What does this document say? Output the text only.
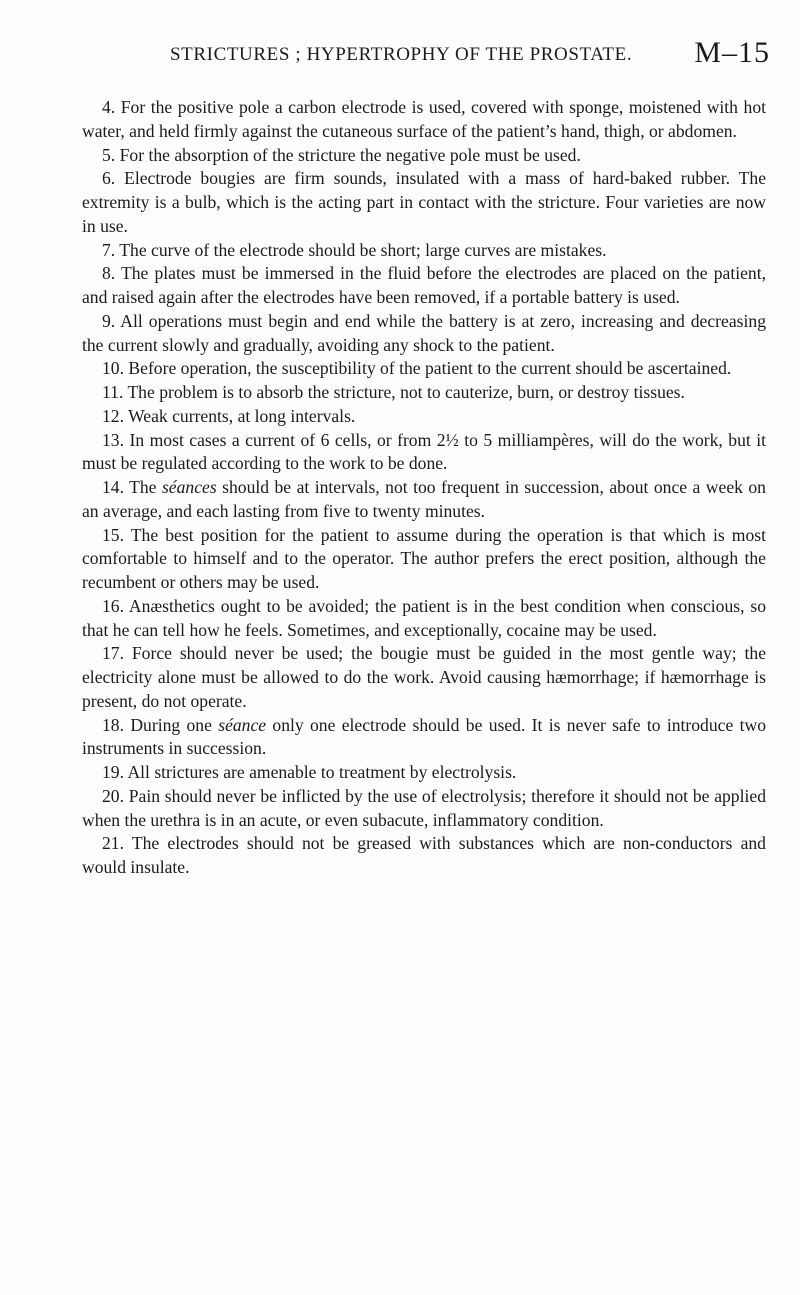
STRICTURES ; HYPERTROPHY OF THE PROSTATE. M–15

4. For the positive pole a carbon electrode is used, covered with sponge, moistened with hot water, and held firmly against the cutaneous surface of the patient’s hand, thigh, or abdomen.

5. For the absorption of the stricture the negative pole must be used.

6. Electrode bougies are firm sounds, insulated with a mass of hard-baked rubber. The extremity is a bulb, which is the acting part in contact with the stricture. Four varieties are now in use.

7. The curve of the electrode should be short; large curves are mistakes.

8. The plates must be immersed in the fluid before the electrodes are placed on the patient, and raised again after the electrodes have been removed, if a portable battery is used.

9. All operations must begin and end while the battery is at zero, increasing and decreasing the current slowly and gradually, avoiding any shock to the patient.

10. Before operation, the susceptibility of the patient to the current should be ascertained.

11. The problem is to absorb the stricture, not to cauterize, burn, or destroy tissues.

12. Weak currents, at long intervals.

13. In most cases a current of 6 cells, or from 2½ to 5 milliampères, will do the work, but it must be regulated according to the work to be done.

14. The séances should be at intervals, not too frequent in succession, about once a week on an average, and each lasting from five to twenty minutes.

15. The best position for the patient to assume during the operation is that which is most comfortable to himself and to the operator. The author prefers the erect position, although the recumbent or others may be used.

16. Anæsthetics ought to be avoided; the patient is in the best condition when conscious, so that he can tell how he feels. Sometimes, and exceptionally, cocaine may be used.

17. Force should never be used; the bougie must be guided in the most gentle way; the electricity alone must be allowed to do the work. Avoid causing hæmorrhage; if hæmorrhage is present, do not operate.

18. During one séance only one electrode should be used. It is never safe to introduce two instruments in succession.

19. All strictures are amenable to treatment by electrolysis.

20. Pain should never be inflicted by the use of electrolysis; therefore it should not be applied when the urethra is in an acute, or even subacute, inflammatory condition.

21. The electrodes should not be greased with substances which are non-conductors and would insulate.
